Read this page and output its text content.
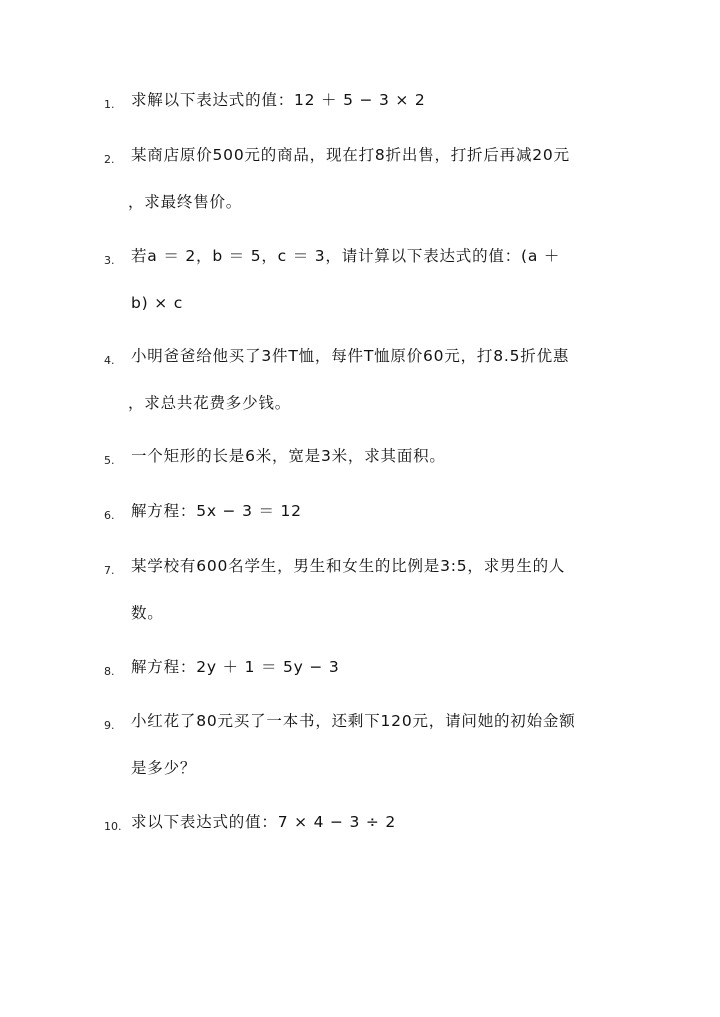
1.	求解以下表达式的值：12 ＋ 5 − 3 × 2
2.	某商店原价500元的商品，现在打8折出售，打折后再减20元
，求最终售价。
3.	若a ＝ 2，b ＝ 5，c ＝ 3，请计算以下表达式的值：(a ＋
b) × c
4.	小明爸爸给他买了3件T恤，每件T恤原价60元，打8.5折优惠
，求总共花费多少钱。
5.	一个矩形的长是6米，宽是3米，求其面积。
6.	解方程：5x − 3 ＝ 12
7.	某学校有600名学生，男生和女生的比例是3:5，求男生的人
数。
8.	解方程：2y ＋ 1 ＝ 5y − 3
9.	小红花了80元买了一本书，还剩下120元，请问她的初始金额
是多少？
10. 求以下表达式的值：7 × 4 − 3 ÷ 2
